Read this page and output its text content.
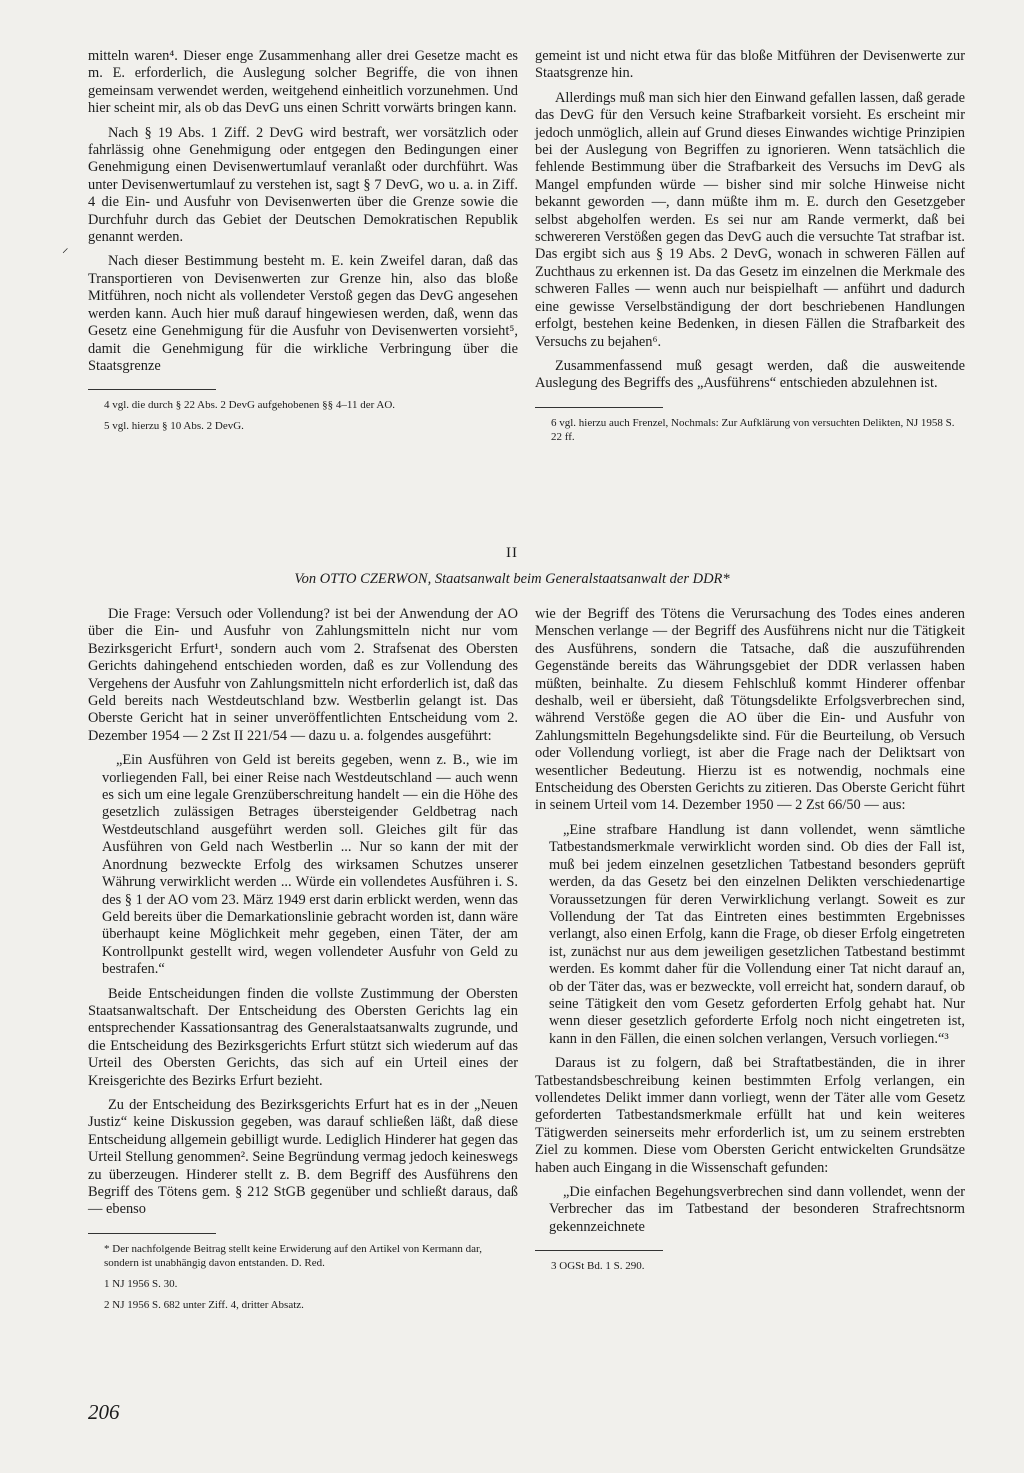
mitteln waren⁴. Dieser enge Zusammenhang aller drei Gesetze macht es m. E. erforderlich, die Auslegung solcher Begriffe, die von ihnen gemeinsam verwendet werden, weitgehend einheitlich vorzunehmen. Und hier scheint mir, als ob das DevG uns einen Schritt vorwärts bringen kann.

Nach § 19 Abs. 1 Ziff. 2 DevG wird bestraft, wer vorsätzlich oder fahrlässig ohne Genehmigung oder entgegen den Bedingungen einer Genehmigung einen Devisenwertumlauf veranlaßt oder durchführt. Was unter Devisenwertumlauf zu verstehen ist, sagt § 7 DevG, wo u. a. in Ziff. 4 die Ein- und Ausfuhr von Devisenwerten über die Grenze sowie die Durchfuhr durch das Gebiet der Deutschen Demokratischen Republik genannt werden.

Nach dieser Bestimmung besteht m. E. kein Zweifel daran, daß das Transportieren von Devisenwerten zur Grenze hin, also das bloße Mitführen, noch nicht als vollendeter Verstoß gegen das DevG angesehen werden kann. Auch hier muß darauf hingewiesen werden, daß, wenn das Gesetz eine Genehmigung für die Ausfuhr von Devisenwerten vorsieht⁵, damit die Genehmigung für die wirkliche Verbringung über die Staatsgrenze

4 vgl. die durch § 22 Abs. 2 DevG aufgehobenen §§ 4–11 der AO.

5 vgl. hierzu § 10 Abs. 2 DevG.

gemeint ist und nicht etwa für das bloße Mitführen der Devisenwerte zur Staatsgrenze hin.

Allerdings muß man sich hier den Einwand gefallen lassen, daß gerade das DevG für den Versuch keine Strafbarkeit vorsieht. Es erscheint mir jedoch unmöglich, allein auf Grund dieses Einwandes wichtige Prinzipien bei der Auslegung von Begriffen zu ignorieren. Wenn tatsächlich die fehlende Bestimmung über die Strafbarkeit des Versuchs im DevG als Mangel empfunden würde — bisher sind mir solche Hinweise nicht bekannt geworden —, dann müßte ihm m. E. durch den Gesetzgeber selbst abgeholfen werden. Es sei nur am Rande vermerkt, daß bei schwereren Verstößen gegen das DevG auch die versuchte Tat strafbar ist. Das ergibt sich aus § 19 Abs. 2 DevG, wonach in schweren Fällen auf Zuchthaus zu erkennen ist. Da das Gesetz im einzelnen die Merkmale des schweren Falles — wenn auch nur beispielhaft — anführt und dadurch eine gewisse Verselbständigung der dort beschriebenen Handlungen erfolgt, bestehen keine Bedenken, in diesen Fällen die Strafbarkeit des Versuchs zu bejahen⁶.

Zusammenfassend muß gesagt werden, daß die ausweitende Auslegung des Begriffs des „Ausführens“ entschieden abzulehnen ist.

6 vgl. hierzu auch Frenzel, Nochmals: Zur Aufklärung von versuchten Delikten, NJ 1958 S. 22 ff.

II
Von OTTO CZERWON, Staatsanwalt beim Generalstaatsanwalt der DDR*

Die Frage: Versuch oder Vollendung? ist bei der Anwendung der AO über die Ein- und Ausfuhr von Zahlungsmitteln nicht nur vom Bezirksgericht Erfurt¹, sondern auch vom 2. Strafsenat des Obersten Gerichts dahingehend entschieden worden, daß es zur Vollendung des Vergehens der Ausfuhr von Zahlungsmitteln nicht erforderlich ist, daß das Geld bereits nach Westdeutschland bzw. Westberlin gelangt ist. Das Oberste Gericht hat in seiner unveröffentlichten Entscheidung vom 2. Dezember 1954 — 2 Zst II 221/54 — dazu u. a. folgendes ausgeführt:

„Ein Ausführen von Geld ist bereits gegeben, wenn z. B., wie im vorliegenden Fall, bei einer Reise nach Westdeutschland — auch wenn es sich um eine legale Grenzüberschreitung handelt — ein die Höhe des gesetzlich zulässigen Betrages übersteigender Geldbetrag nach Westdeutschland ausgeführt werden soll. Gleiches gilt für das Ausführen von Geld nach Westberlin ... Nur so kann der mit der Anordnung bezweckte Erfolg des wirksamen Schutzes unserer Währung verwirklicht werden ... Würde ein vollendetes Ausführen i. S. des § 1 der AO vom 23. März 1949 erst darin erblickt werden, wenn das Geld bereits über die Demarkationslinie gebracht worden ist, dann wäre überhaupt keine Möglichkeit mehr gegeben, einen Täter, der am Kontrollpunkt gestellt wird, wegen vollendeter Ausfuhr von Geld zu bestrafen.“

Beide Entscheidungen finden die vollste Zustimmung der Obersten Staatsanwaltschaft. Der Entscheidung des Obersten Gerichts lag ein entsprechender Kassationsantrag des Generalstaatsanwalts zugrunde, und die Entscheidung des Bezirksgerichts Erfurt stützt sich wiederum auf das Urteil des Obersten Gerichts, das sich auf ein Urteil eines der Kreisgerichte des Bezirks Erfurt bezieht.

Zu der Entscheidung des Bezirksgerichts Erfurt hat es in der „Neuen Justiz“ keine Diskussion gegeben, was darauf schließen läßt, daß diese Entscheidung allgemein gebilligt wurde. Lediglich Hinderer hat gegen das Urteil Stellung genommen². Seine Begründung vermag jedoch keineswegs zu überzeugen. Hinderer stellt z. B. dem Begriff des Ausführens den Begriff des Tötens gem. § 212 StGB gegenüber und schließt daraus, daß — ebenso

* Der nachfolgende Beitrag stellt keine Erwiderung auf den Artikel von Kermann dar, sondern ist unabhängig davon entstanden. D. Red.

1 NJ 1956 S. 30.

2 NJ 1956 S. 682 unter Ziff. 4, dritter Absatz.

wie der Begriff des Tötens die Verursachung des Todes eines anderen Menschen verlange — der Begriff des Ausführens nicht nur die Tätigkeit des Ausführens, sondern die Tatsache, daß die auszuführenden Gegenstände bereits das Währungsgebiet der DDR verlassen haben müßten, beinhalte. Zu diesem Fehlschluß kommt Hinderer offenbar deshalb, weil er übersieht, daß Tötungsdelikte Erfolgsverbrechen sind, während Verstöße gegen die AO über die Ein- und Ausfuhr von Zahlungsmitteln Begehungsdelikte sind. Für die Beurteilung, ob Versuch oder Vollendung vorliegt, ist aber die Frage nach der Deliktsart von wesentlicher Bedeutung. Hierzu ist es notwendig, nochmals eine Entscheidung des Obersten Gerichts zu zitieren. Das Oberste Gericht führt in seinem Urteil vom 14. Dezember 1950 — 2 Zst 66/50 — aus:

„Eine strafbare Handlung ist dann vollendet, wenn sämtliche Tatbestandsmerkmale verwirklicht worden sind. Ob dies der Fall ist, muß bei jedem einzelnen gesetzlichen Tatbestand besonders geprüft werden, da das Gesetz bei den einzelnen Delikten verschiedenartige Voraussetzungen für deren Verwirklichung verlangt. Soweit es zur Vollendung der Tat das Eintreten eines bestimmten Ergebnisses verlangt, also einen Erfolg, kann die Frage, ob dieser Erfolg eingetreten ist, zunächst nur aus dem jeweiligen gesetzlichen Tatbestand bestimmt werden. Es kommt daher für die Vollendung einer Tat nicht darauf an, ob der Täter das, was er bezweckte, voll erreicht hat, sondern darauf, ob seine Tätigkeit den vom Gesetz geforderten Erfolg gehabt hat. Nur wenn dieser gesetzlich geforderte Erfolg noch nicht eingetreten ist, kann in den Fällen, die einen solchen verlangen, Versuch vorliegen.“³

Daraus ist zu folgern, daß bei Straftatbeständen, die in ihrer Tatbestandsbeschreibung keinen bestimmten Erfolg verlangen, ein vollendetes Delikt immer dann vorliegt, wenn der Täter alle vom Gesetz geforderten Tatbestandsmerkmale erfüllt hat und kein weiteres Tätigwerden seinerseits mehr erforderlich ist, um zu seinem erstrebten Ziel zu kommen. Diese vom Obersten Gericht entwickelten Grundsätze haben auch Eingang in die Wissenschaft gefunden:

„Die einfachen Begehungsverbrechen sind dann vollendet, wenn der Verbrecher das im Tatbestand der besonderen Strafrechtsnorm gekennzeichnete

3 OGSt Bd. 1 S. 290.

⸝
206
